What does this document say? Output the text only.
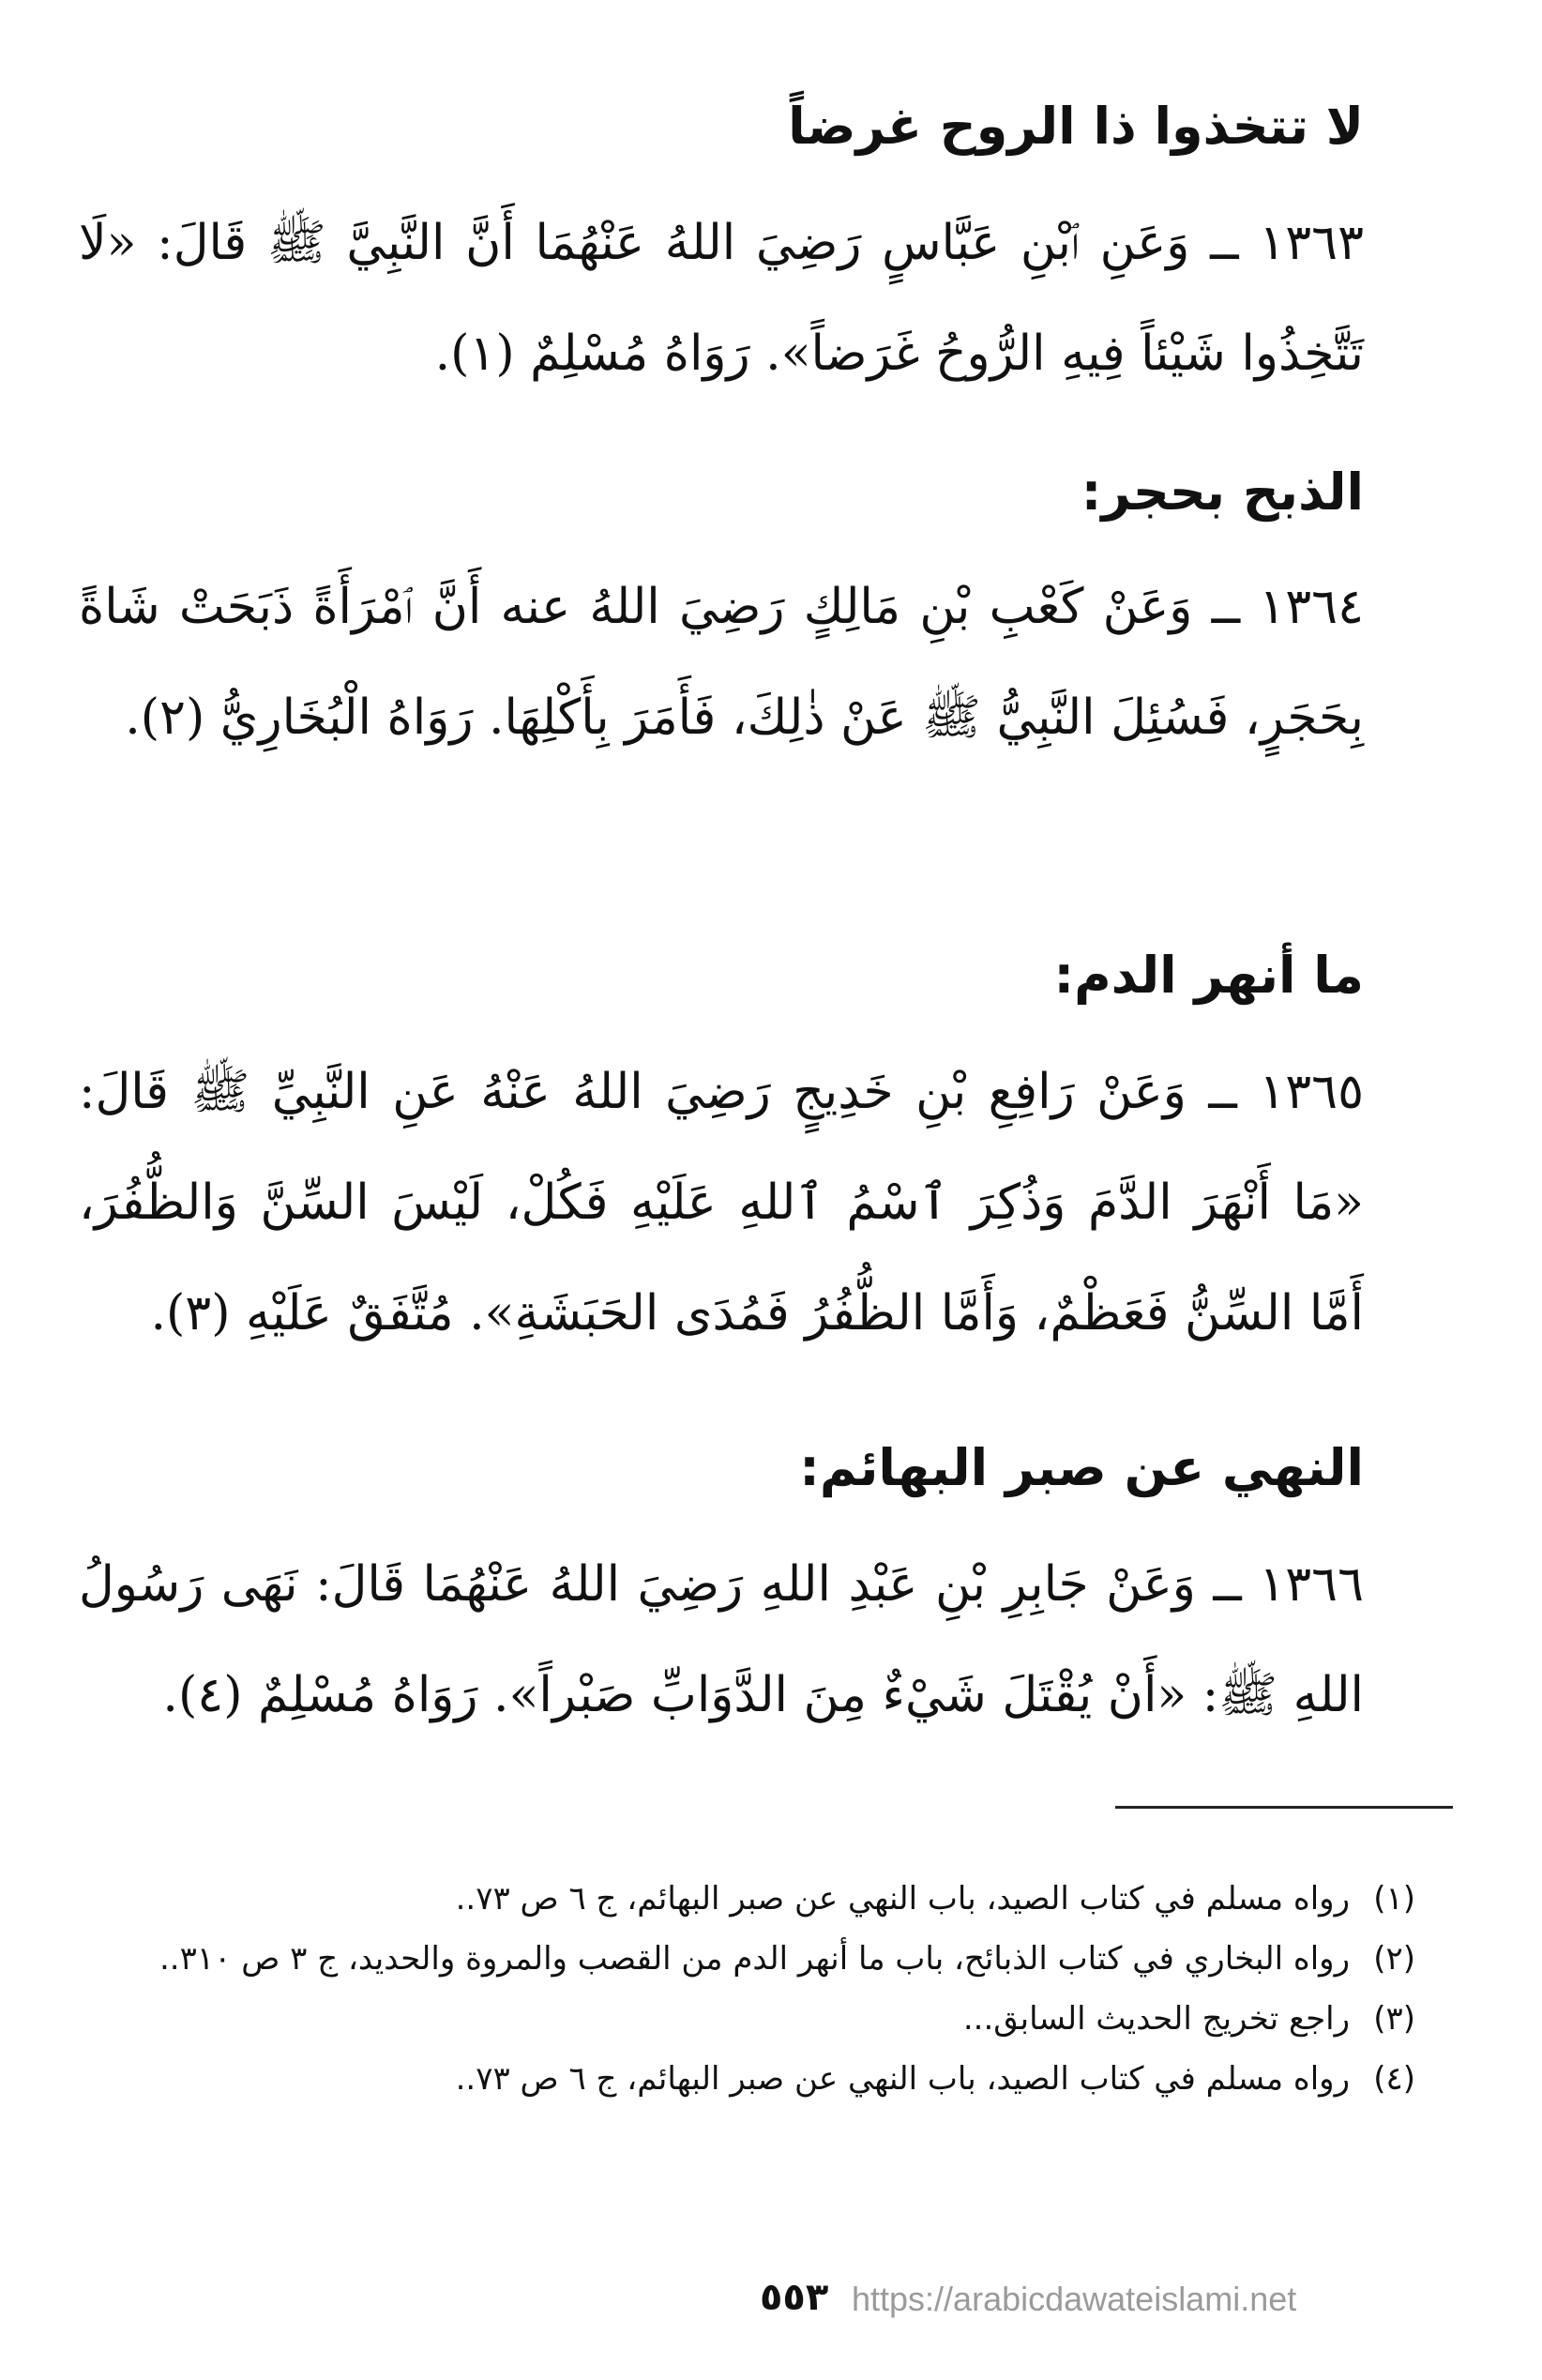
لا تتخذوا ذا الروح غرضاً

١٣٦٣ ــ وَعَنِ ٱبْنِ عَبَّاسٍ رَضِيَ اللهُ عَنْهُمَا أَنَّ النَّبِيَّ ﷺ قَالَ: «لَا تَتَّخِذُوا شَيْئاً فِيهِ الرُّوحُ غَرَضاً». رَوَاهُ مُسْلِمٌ (١).

الذبح بحجر:

١٣٦٤ ــ وَعَنْ كَعْبِ بْنِ مَالِكٍ رَضِيَ اللهُ عنه أَنَّ ٱمْرَأَةً ذَبَحَتْ شَاةً بِحَجَرٍ، فَسُئِلَ النَّبِيُّ ﷺ عَنْ ذٰلِكَ، فَأَمَرَ بِأَكْلِهَا. رَوَاهُ الْبُخَارِيُّ (٢).

ما أنهر الدم:

١٣٦٥ ــ وَعَنْ رَافِعِ بْنِ خَدِيجٍ رَضِيَ اللهُ عَنْهُ عَنِ النَّبِيِّ ﷺ قَالَ: «مَا أَنْهَرَ الدَّمَ وَذُكِرَ ٱسْمُ ٱللهِ عَلَيْهِ فَكُلْ، لَيْسَ السِّنَّ وَالظُّفُرَ، أَمَّا السِّنُّ فَعَظْمٌ، وَأَمَّا الظُّفُرُ فَمُدَى الحَبَشَةِ». مُتَّفَقٌ عَلَيْهِ (٣).

النهي عن صبر البهائم:

١٣٦٦ ــ وَعَنْ جَابِرِ بْنِ عَبْدِ اللهِ رَضِيَ اللهُ عَنْهُمَا قَالَ: نَهَى رَسُولُ اللهِ ﷺ: «أَنْ يُقْتَلَ شَيْءٌ مِنَ الدَّوَابِّ صَبْراً». رَوَاهُ مُسْلِمٌ (٤).

(١)
رواه مسلم في كتاب الصيد، باب النهي عن صبر البهائم، ج ٦ ص ٧٣..
(٢)
رواه البخاري في كتاب الذبائح، باب ما أنهر الدم من القصب والمروة والحديد، ج ٣ ص ٣١٠..
(٣)
راجع تخريج الحديث السابق...
(٤)
رواه مسلم في كتاب الصيد، باب النهي عن صبر البهائم، ج ٦ ص ٧٣..
٥٥٣ https://arabicdawateislami.net
